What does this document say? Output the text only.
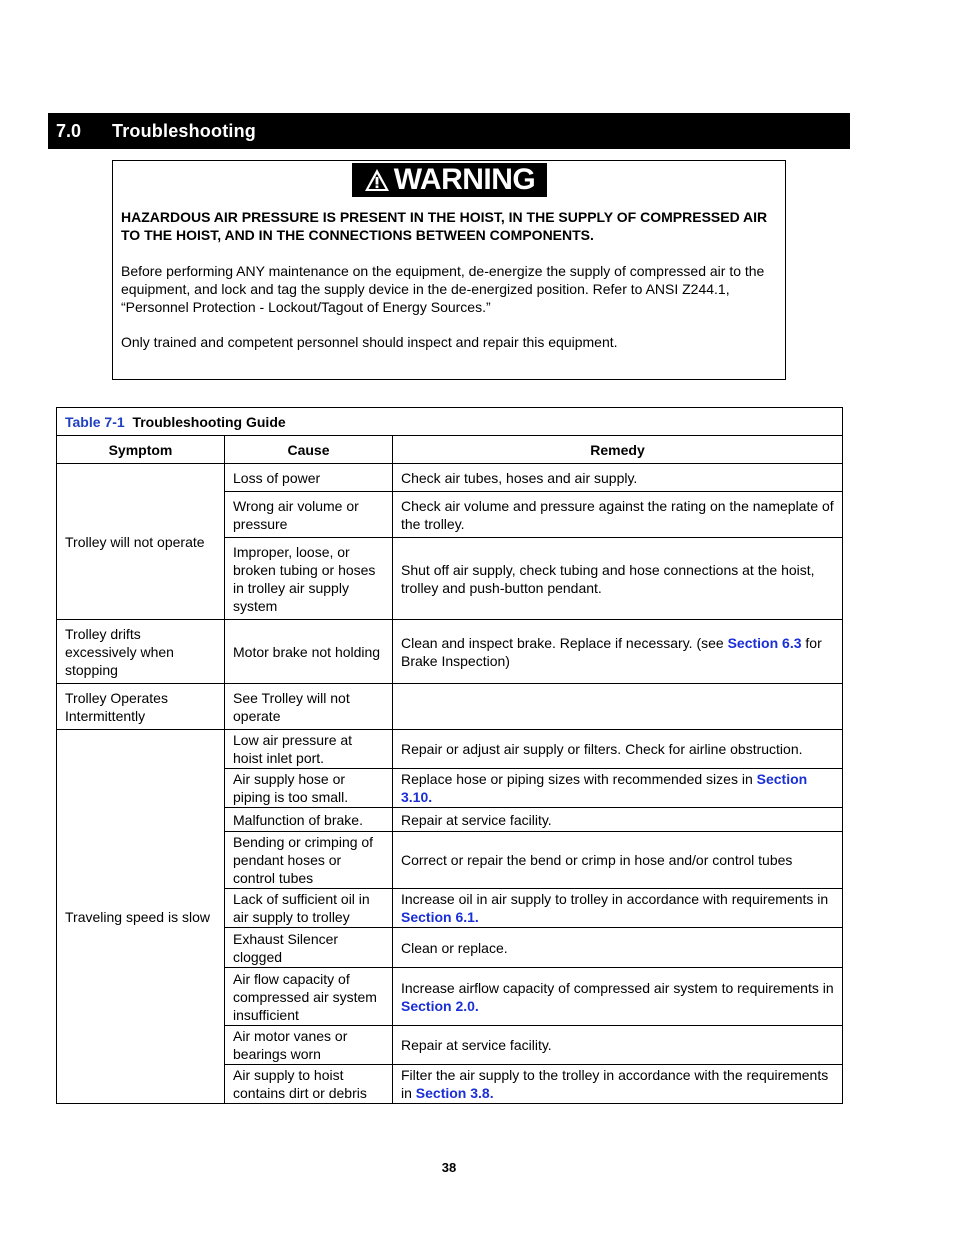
7.0 Troubleshooting
WARNING
HAZARDOUS AIR PRESSURE IS PRESENT IN THE HOIST, IN THE SUPPLY OF COMPRESSED AIR TO THE HOIST, AND IN THE CONNECTIONS BETWEEN COMPONENTS.
Before performing ANY maintenance on the equipment, de-energize the supply of compressed air to the equipment, and lock and tag the supply device in the de-energized position. Refer to ANSI Z244.1, “Personnel Protection - Lockout/Tagout of Energy Sources.”
Only trained and competent personnel should inspect and repair this equipment.
Table 7-1 Troubleshooting Guide		
Symptom	Cause	Remedy
Trolley will not operate	Loss of power	Check air tubes, hoses and air supply.
	Wrong air volume or pressure	Check air volume and pressure against the rating on the nameplate of the trolley.
	Improper, loose, or broken tubing or hoses in trolley air supply system	Shut off air supply, check tubing and hose connections at the hoist, trolley and push-button pendant.
Trolley drifts excessively when stopping	Motor brake not holding	Clean and inspect brake. Replace if necessary. (see Section 6.3 for Brake Inspection)
Trolley Operates Intermittently	See Trolley will not operate	
Traveling speed is slow	Low air pressure at hoist inlet port.	Repair or adjust air supply or filters. Check for airline obstruction.
	Air supply hose or piping is too small.	Replace hose or piping sizes with recommended sizes in Section 3.10.
	Malfunction of brake.	Repair at service facility.
	Bending or crimping of pendant hoses or control tubes	Correct or repair the bend or crimp in hose and/or control tubes
	Lack of sufficient oil in air supply to trolley	Increase oil in air supply to trolley in accordance with requirements in Section 6.1.
	Exhaust Silencer clogged	Clean or replace.
	Air flow capacity of compressed air system insufficient	Increase airflow capacity of compressed air system to requirements in Section 2.0.
	Air motor vanes or bearings worn	Repair at service facility.
	Air supply to hoist contains dirt or debris	Filter the air supply to the trolley in accordance with the requirements in Section 3.8.
38
